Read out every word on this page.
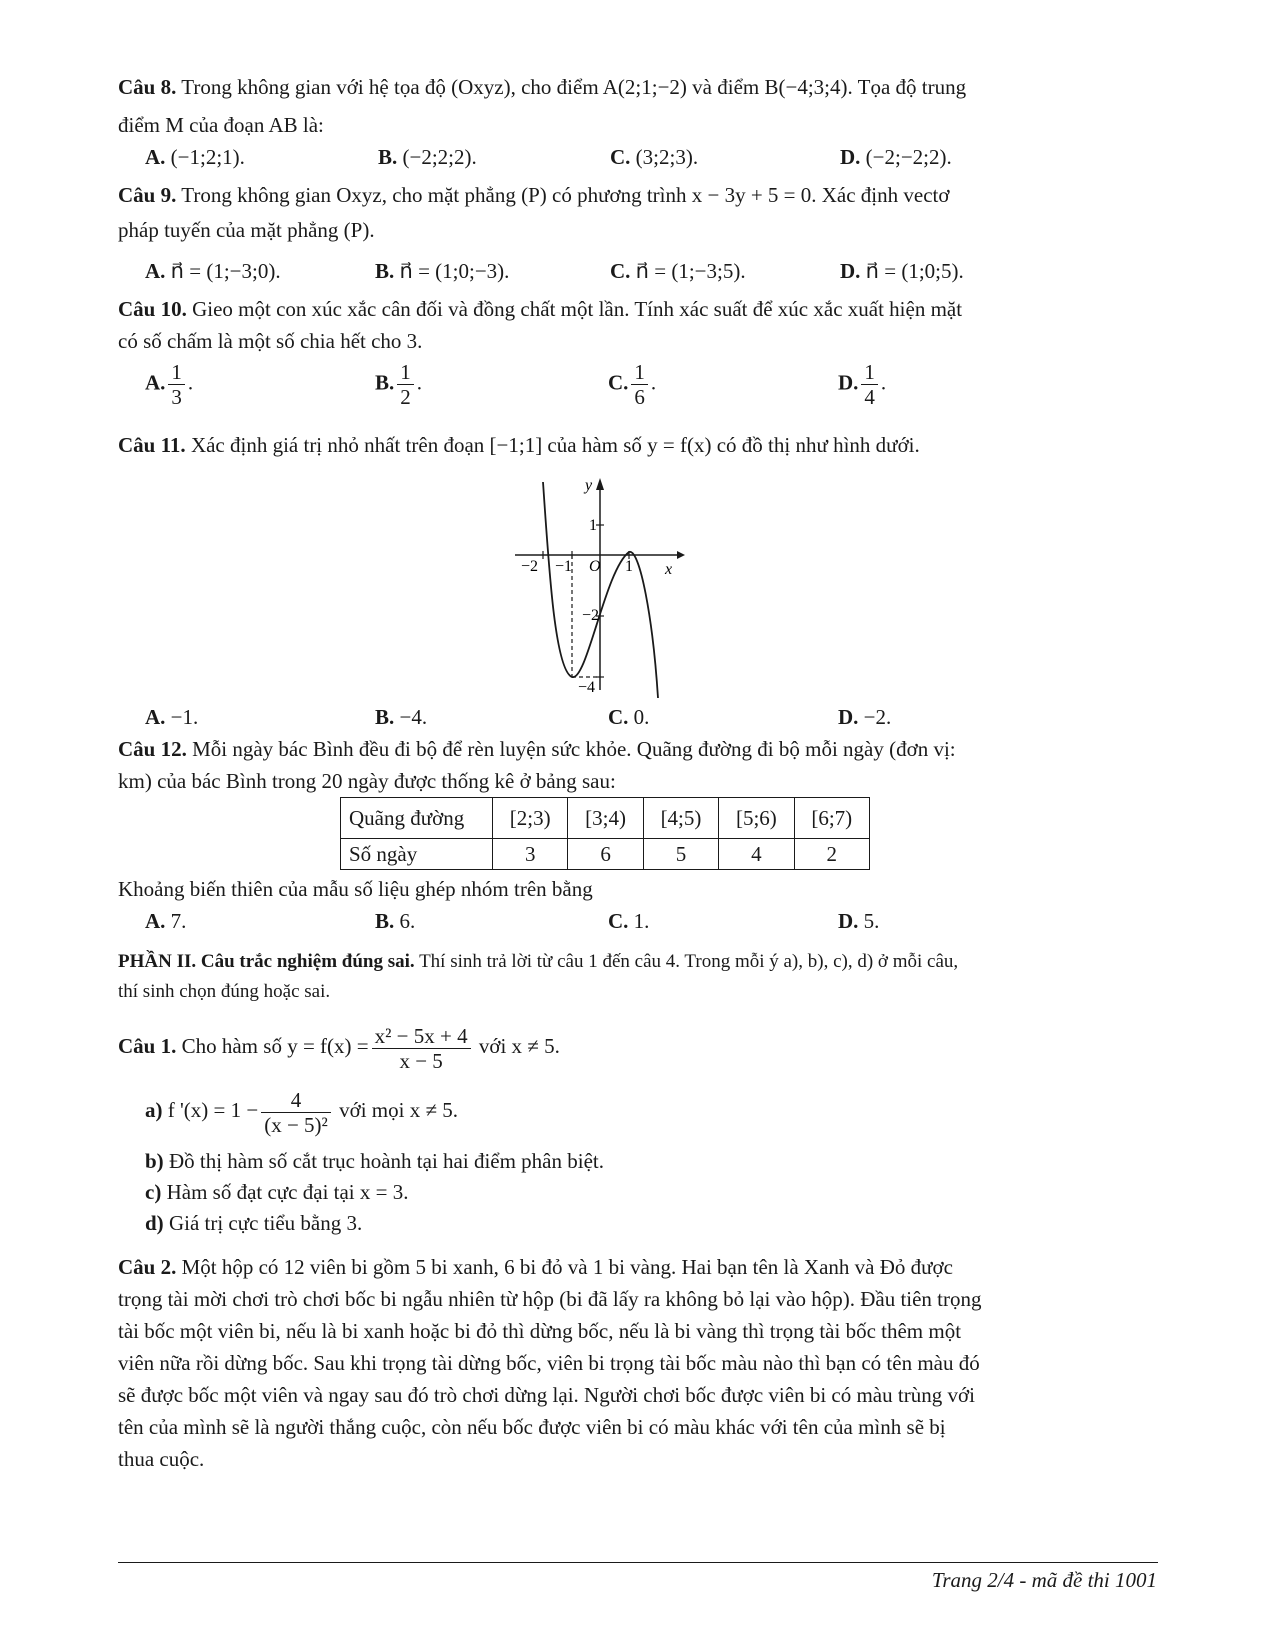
Câu 8. Trong không gian với hệ tọa độ (Oxyz), cho điểm A(2;1;−2) và điểm B(−4;3;4). Tọa độ trung
điểm M của đoạn AB là:
A. (−1;2;1).	B. (−2;2;2).	C. (3;2;3).	D. (−2;−2;2).
Câu 9. Trong không gian Oxyz, cho mặt phẳng (P) có phương trình x − 3y + 5 = 0. Xác định vectơ
pháp tuyến của mặt phẳng (P).
A. n⃗ = (1;−3;0).	B. n⃗ = (1;0;−3).	C. n⃗ = (1;−3;5).	D. n⃗ = (1;0;5).
Câu 10. Gieo một con xúc xắc cân đối và đồng chất một lần. Tính xác suất để xúc xắc xuất hiện mặt
có số chấm là một số chia hết cho 3.
A. $\frac{1}{3}$ .	B. $\frac{1}{2}$ .	C. $\frac{1}{6}$ .	D. $\frac{1}{4}$ .
Câu 11. Xác định giá trị nhỏ nhất trên đoạn [−1;1] của hàm số y = f(x) có đồ thị như hình dưới.
y
x
O
1
−2 −1	1
−2
−4
A. −1.	B. −4.	C. 0.	D. −2.
Câu 12. Mỗi ngày bác Bình đều đi bộ để rèn luyện sức khỏe. Quãng đường đi bộ mỗi ngày (đơn vị:
km) của bác Bình trong 20 ngày được thống kê ở bảng sau:
Quãng đường	[2;3)	[3;4)	[4;5)	[5;6)	[6;7)
Số ngày	3	6	5	4	2
Khoảng biến thiên của mẫu số liệu ghép nhóm trên bằng
A. 7.	B. 6.	C. 1.	D. 5.
PHẦN II. Câu trắc nghiệm đúng sai. Thí sinh trả lời từ câu 1 đến câu 4. Trong mỗi ý a), b), c), d) ở mỗi câu,
thí sinh chọn đúng hoặc sai.
Câu 1. Cho hàm số $y = f(x) = \frac{\text{x² − 5x + 4}}{x - 5}$ với x ≠ 5.
a) f '$(x) = 1 - \frac{4}{\text{(x − 5)²}}$ với mọi x ≠ 5.
b) Đồ thị hàm số cắt trục hoành tại hai điểm phân biệt.
c) Hàm số đạt cực đại tại x = 3.
d) Giá trị cực tiểu bằng 3.
Câu 2. Một hộp có 12 viên bi gồm 5 bi xanh, 6 bi đỏ và 1 bi vàng. Hai bạn tên là Xanh và Đỏ được
trọng tài mời chơi trò chơi bốc bi ngẫu nhiên từ hộp (bi đã lấy ra không bỏ lại vào hộp). Đầu tiên trọng
tài bốc một viên bi, nếu là bi xanh hoặc bi đỏ thì dừng bốc, nếu là bi vàng thì trọng tài bốc thêm một
viên nữa rồi dừng bốc. Sau khi trọng tài dừng bốc, viên bi trọng tài bốc màu nào thì bạn có tên màu đó
sẽ được bốc một viên và ngay sau đó trò chơi dừng lại. Người chơi bốc được viên bi có màu trùng với
tên của mình sẽ là người thắng cuộc, còn nếu bốc được viên bi có màu khác với tên của mình sẽ bị
thua cuộc.
Trang 2/4 - mã đề thi 1001
